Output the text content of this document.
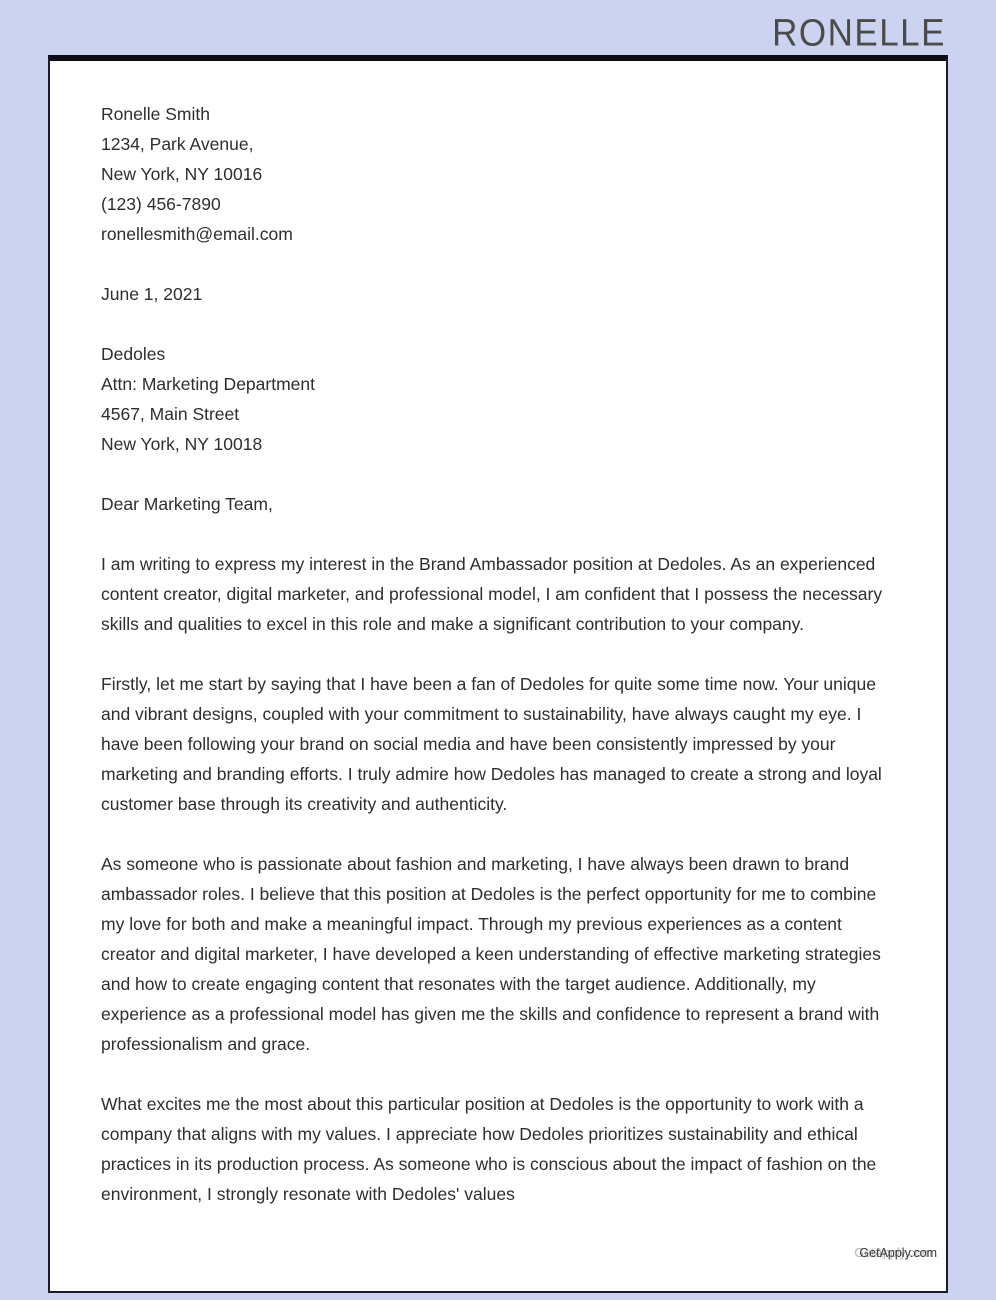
RONELLE
Ronelle Smith
1234, Park Avenue,
New York, NY 10016
(123) 456-7890
ronellesmith@email.com
June 1, 2021
Dedoles
Attn: Marketing Department
4567, Main Street
New York, NY 10018
Dear Marketing Team,

I am writing to express my interest in the Brand Ambassador position at Dedoles. As an experienced content creator, digital marketer, and professional model, I am confident that I possess the necessary skills and qualities to excel in this role and make a significant contribution to your company.

Firstly, let me start by saying that I have been a fan of Dedoles for quite some time now. Your unique and vibrant designs, coupled with your commitment to sustainability, have always caught my eye. I have been following your brand on social media and have been consistently impressed by your marketing and branding efforts. I truly admire how Dedoles has managed to create a strong and loyal customer base through its creativity and authenticity.

As someone who is passionate about fashion and marketing, I have always been drawn to brand ambassador roles. I believe that this position at Dedoles is the perfect opportunity for me to combine my love for both and make a meaningful impact. Through my previous experiences as a content creator and digital marketer, I have developed a keen understanding of effective marketing strategies and how to create engaging content that resonates with the target audience. Additionally, my experience as a professional model has given me the skills and confidence to represent a brand with professionalism and grace.

What excites me the most about this particular position at Dedoles is the opportunity to work with a company that aligns with my values. I appreciate how Dedoles prioritizes sustainability and ethical practices in its production process. As someone who is conscious about the impact of fashion on the environment, I strongly resonate with Dedoles' values

GetApply.com
